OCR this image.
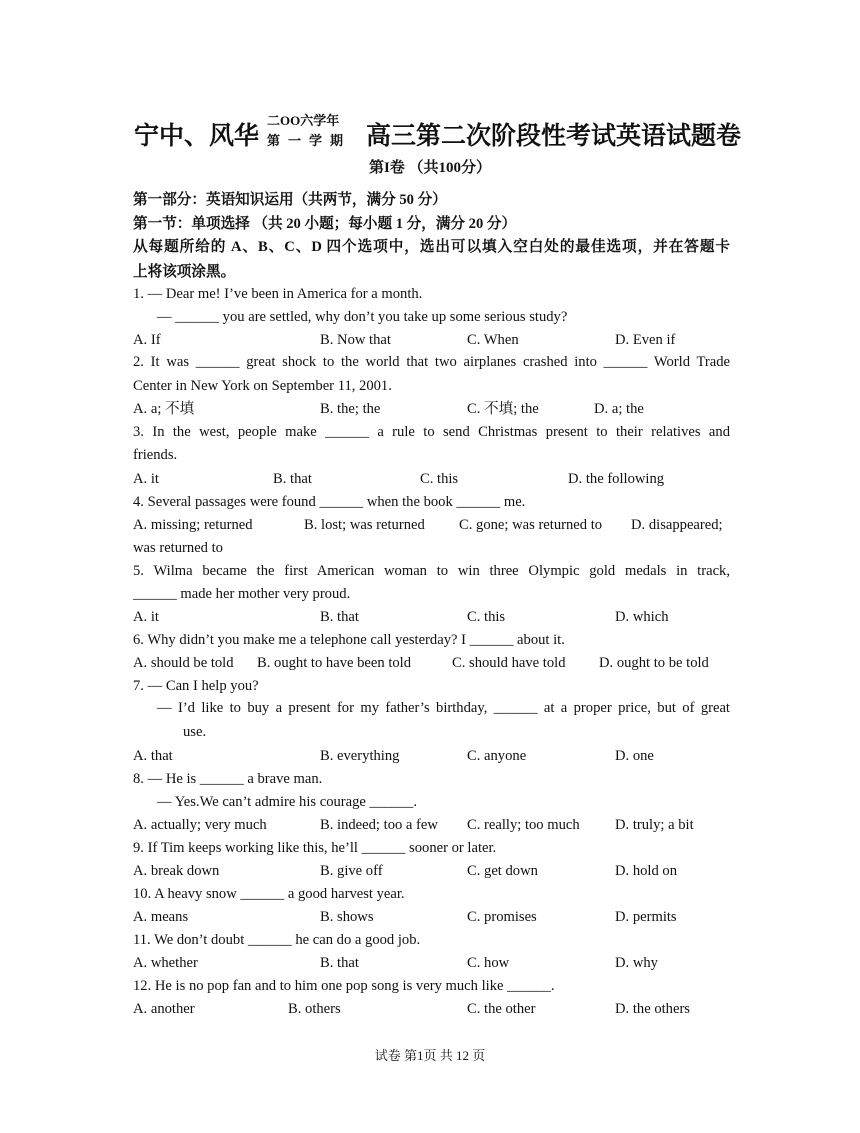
宁中、风华
二OO六学年
第一学期 高三第二次阶段性考试英语试题卷
第I卷 （共100分）
第一部分：英语知识运用（共两节，满分 50 分）
第一节：单项选择 （共 20 小题；每小题 1 分，满分 20 分）
从每题所给的 A、B、C、D 四个选项中，选出可以填入空白处的最佳选项，并在答题卡
上将该项涂黑。
1. — Dear me! I’ve been in America for a month.
— ______ you are settled, why don’t you take up some serious study?
A. If	B. Now that	C. When	D. Even if
2. It was ______ great shock to the world that two airplanes crashed into ______ World Trade
Center in New York on September 11, 2001.
A. a; 不填	B. the; the	C. 不填; the	D. a; the
3. In the west, people make ______ a rule to send Christmas present to their relatives and
friends.
A. it	B. that	C. this	D. the following
4. Several passages were found ______ when the book ______ me.
A. missing; returned	B. lost; was returned C. gone; was returned to D. disappeared;
was returned to
5. Wilma became the first American woman to win three Olympic gold medals in track,
______ made her mother very proud.
A. it	B. that	C. this	D. which
6. Why didn’t you make me a telephone call yesterday? I ______ about it.
A. should be told B. ought to have been told	C. should have told D. ought to be told
7. — Can I help you?
— I’d like to buy a present for my father’s birthday, ______ at a proper price, but of great
use.
A. that	B. everything	C. anyone	D. one
8. — He is ______ a brave man.
— Yes.We can’t admire his courage ______.
A. actually; very much	B. indeed; too a few C. really; too much D. truly; a bit
9. If Tim keeps working like this, he’ll ______ sooner or later.
A. break down	B. give off	C. get down	D. hold on
10. A heavy snow ______ a good harvest year.
A. means	B. shows	C. promises	D. permits
11. We don’t doubt ______ he can do a good job.
A. whether	B. that	C. how	D. why
12. He is no pop fan and to him one pop song is very much like ______.
A. another	B. others	C. the other	D. the others
试卷 第1页 共 12 页
